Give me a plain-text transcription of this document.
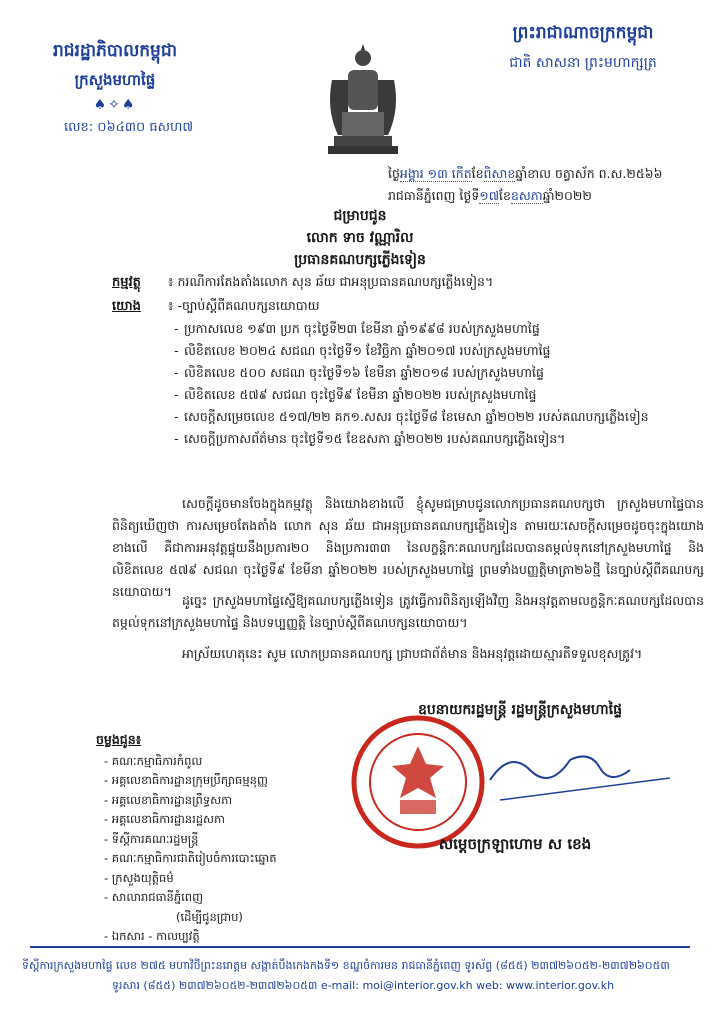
រាជរដ្ឋាភិបាលកម្ពុជា
ក្រសួងមហាផ្ទៃ
♠✧♠
លេខ: ០៦៤៣០ ធសហ៧
ព្រះរាជាណាចក្រកម្ពុជា
ជាតិ សាសនា ព្រះមហាក្សត្រ
ថ្ងៃអង្គារ ១៣ កើតខែពិសាខឆ្នាំខាល ចត្វាស័ក ព.ស.២៥៦៦
រាជធានីភ្នំពេញ ថ្ងៃទី១៧ខែឧសភាឆ្នាំ២០២២
ជម្រាបជូន
លោក ទាច វណ្ណារិល
ប្រធានគណបក្សភ្លើងទៀន
កម្មវត្ថុ ៖ ករណីការតែងតាំងលោក សុន ឆ័យ ជាអនុប្រធានគណបក្សភ្លើងទៀន។
យោង ៖ -ច្បាប់ស្ដីពីគណបក្សនយោបាយ
- ប្រកាសលេខ ១៩៣ ប្រក ចុះថ្ងៃទី២៣ ខែមីនា ឆ្នាំ១៩៩៨ របស់ក្រសួងមហាផ្ទៃ
- លិខិតលេខ ២០២៤ សជណ ចុះថ្ងៃទី១ ខែវិច្ឆិកា ឆ្នាំ២០១៧ របស់ក្រសួងមហាផ្ទៃ
- លិខិតលេខ ៥០០ សជណ ចុះថ្ងៃទី១៦ ខែមីនា ឆ្នាំ២០១៨ របស់ក្រសួងមហាផ្ទៃ
- លិខិតលេខ ៥៧៩ សជណ ចុះថ្ងៃទី៩ ខែមីនា ឆ្នាំ២០២២ របស់ក្រសួងមហាផ្ទៃ
- សេចក្ដីសម្រេចលេខ ៥១៧/២២ គក១.សសរ ចុះថ្ងៃទី៨ ខែមេសា ឆ្នាំ២០២២ របស់គណបក្សភ្លើងទៀន
- សេចក្ដីប្រកាសព័ត៌មាន ចុះថ្ងៃទី១៥ ខែឧសភា ឆ្នាំ២០២២ របស់គណបក្សភ្លើងទៀន។
សេចក្ដីដូចមានចែងក្នុងកម្មវត្ថុ និងយោងខាងលើ ខ្ញុំសូមជម្រាបជូនលោកប្រធានគណបក្សថា ក្រសួងមហាផ្ទៃបានពិនិត្យឃើញថា ការសម្រេចតែងតាំង លោក សុន ឆ័យ ជាអនុប្រធានគណបក្សភ្លើងទៀន តាមរយៈសេចក្ដីសម្រេចដូចចុះក្នុងយោងខាងលើ គឺជាការអនុវត្តផ្ទុយនឹងប្រការ២០ និងប្រការ៣៣ នៃលក្ខន្តិកៈគណបក្សដែលបានតម្កល់ទុកនៅក្រសួងមហាផ្ទៃ និងលិខិតលេខ ៥៧៩ សជណ ចុះថ្ងៃទី៩ ខែមីនា ឆ្នាំ២០២២ របស់ក្រសួងមហាផ្ទៃ ព្រមទាំងបញ្ញត្តិមាត្រា២៦ថ្មី នៃច្បាប់ស្ដីពីគណបក្សនយោបាយ។
ដូច្នេះ ក្រសួងមហាផ្ទៃស្នើឱ្យគណបក្សភ្លើងទៀន ត្រូវធ្វើការពិនិត្យឡើងវិញ និងអនុវត្តតាមលក្ខន្តិកៈគណបក្សដែលបានតម្កល់ទុកនៅក្រសួងមហាផ្ទៃ និងបទប្បញ្ញត្តិ នៃច្បាប់ស្ដីពីគណបក្សនយោបាយ។
អាស្រ័យហេតុនេះ សូម លោកប្រធានគណបក្ស ជ្រាបជាព័ត៌មាន និងអនុវត្តដោយស្មារតីទទួលខុសត្រូវ។
ឧបនាយករដ្ឋមន្ត្រី រដ្ឋមន្ត្រីក្រសួងមហាផ្ទៃ
សម្ដេចក្រឡាហោម ស ខេង
ចម្លងជូន៖
- គណៈកម្មាធិការកំពូល
- អគ្គលេខាធិការដ្ឋានក្រុមប្រឹក្សាធម្មនុញ្ញ
- អគ្គលេខាធិការដ្ឋានព្រឹទ្ធសភា
- អគ្គលេខាធិការដ្ឋានរដ្ឋសភា
- ទីស្តីការគណៈរដ្ឋមន្ត្រី
- គណៈកម្មាធិការជាតិរៀបចំការបោះឆ្នោត
- ក្រសួងយុត្តិធម៌
- សាលារាជធានីភ្នំពេញ
(ដើម្បីជូនជ្រាប)
- ឯកសារ - កាលប្បវត្តិ
ទីស្តីការក្រសួងមហាផ្ទៃ លេខ ២៧៥ មហាវិថីព្រះនរោត្តម សង្កាត់បឹងកេងកងទី១ ខណ្ឌចំការមន រាជធានីភ្នំពេញ ទូរស័ព្ទ (៨៥៥) ២៣៧២៦០៥២-២៣៧២៦០៥៣
ទូរសារ (៨៥៥) ២៣៧២៦០៥២-២៣៧២៦០៥៣ e-mail: moi@interior.gov.kh web: www.interior.gov.kh
